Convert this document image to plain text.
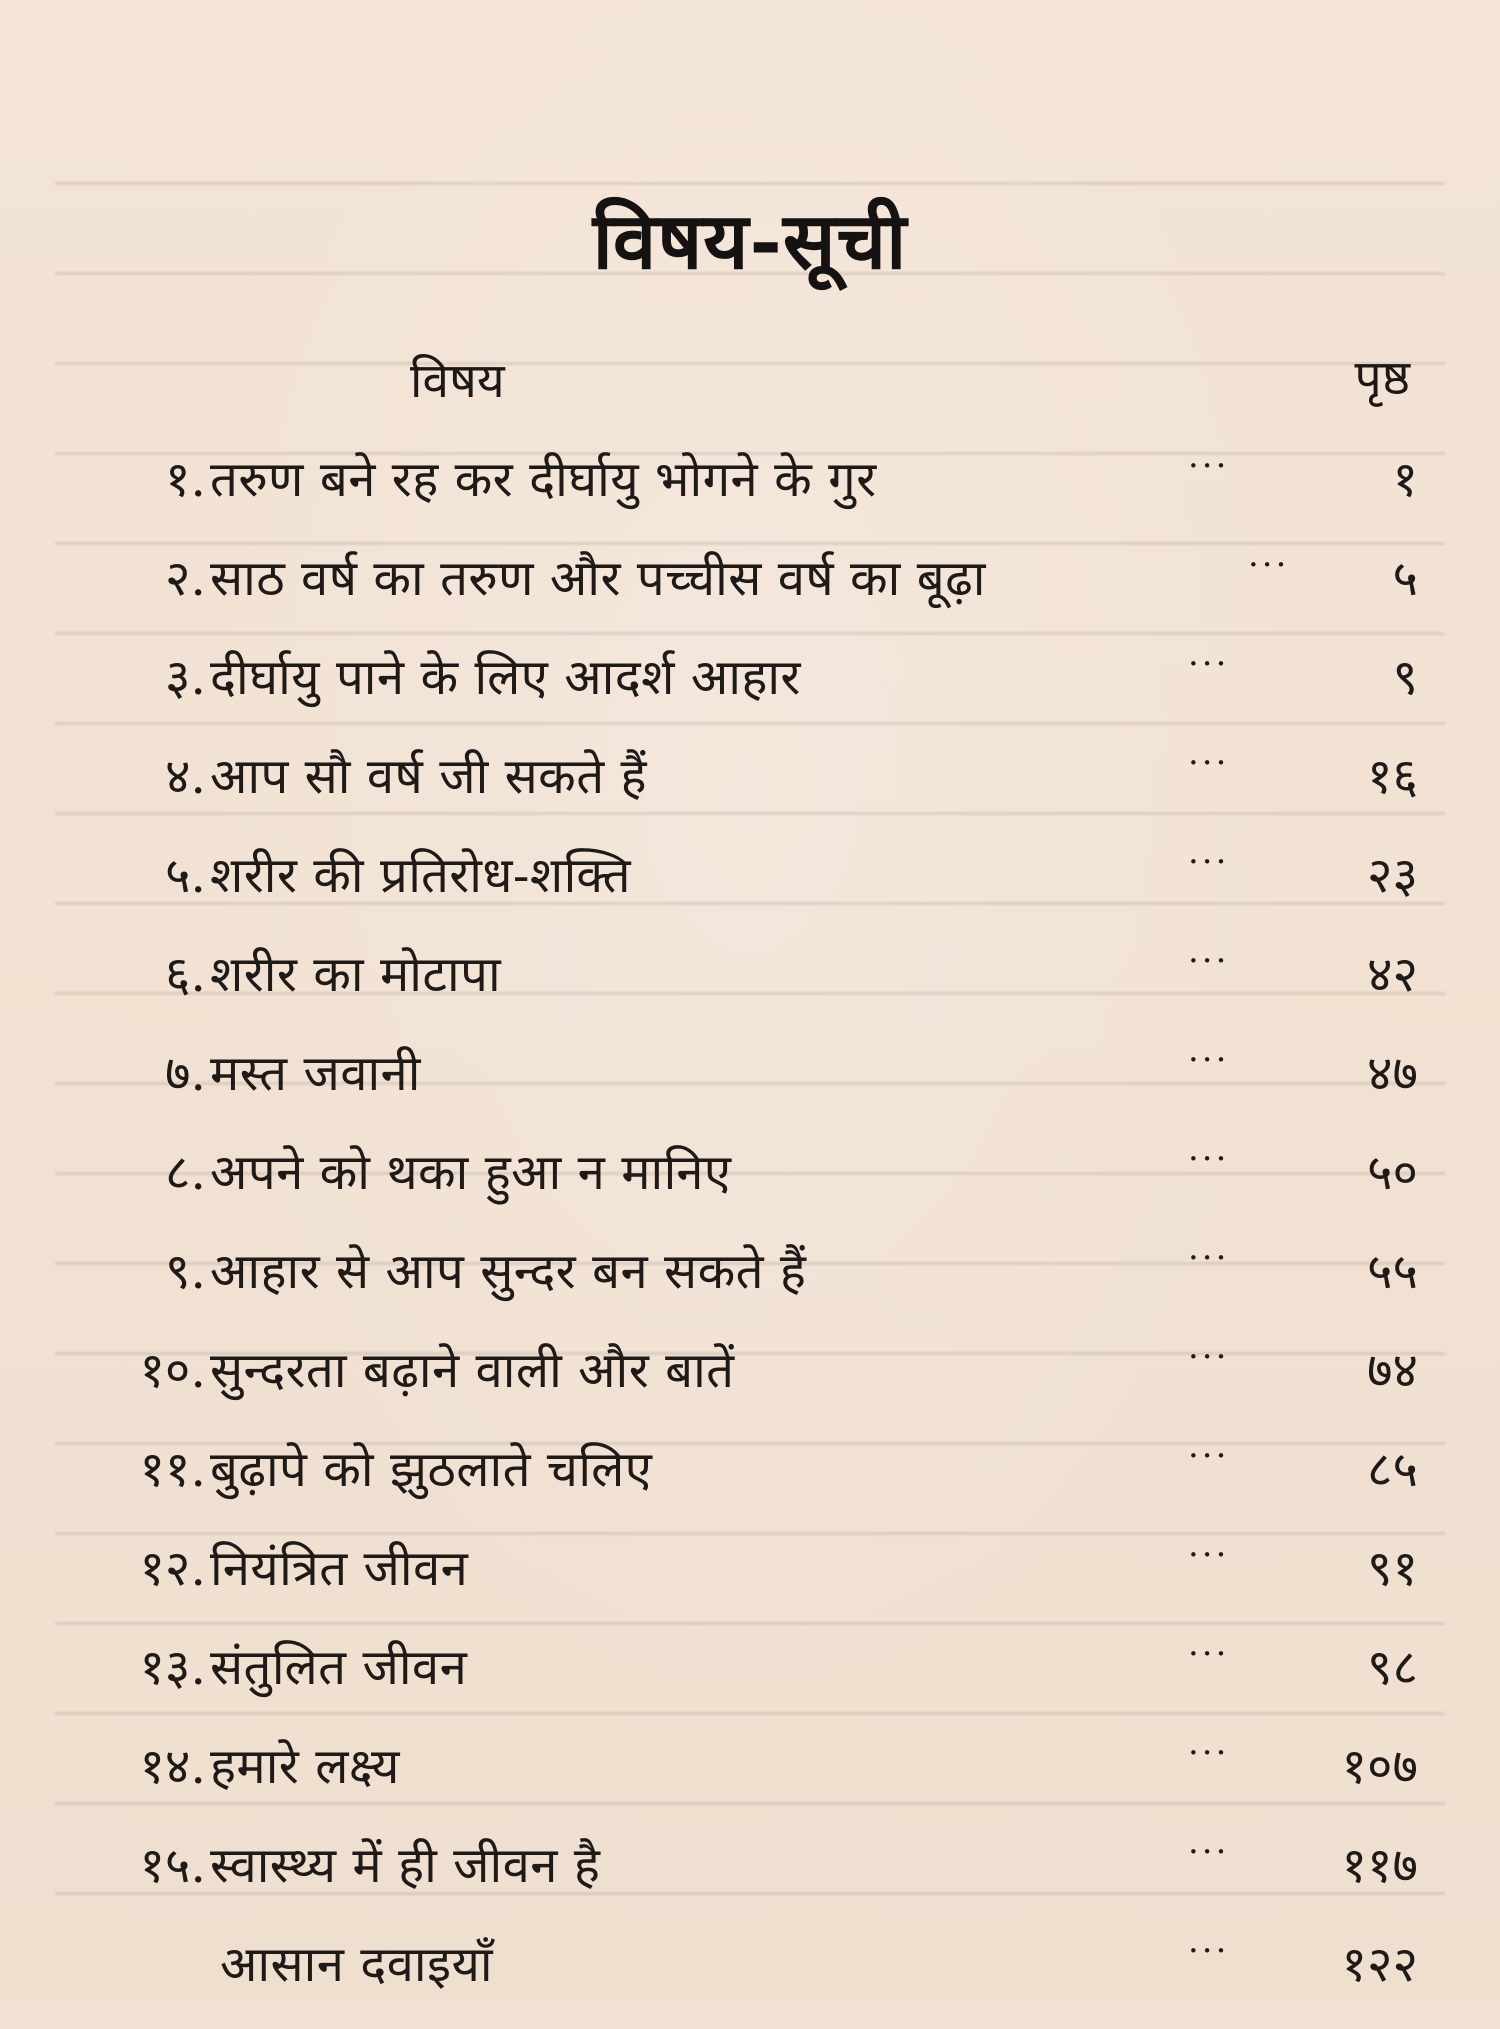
विषय-सूची
विषय	पृष्ठ
१. तरुण बने रह कर दीर्घायु भोगने के गुर	···	१
२. साठ वर्ष का तरुण और पच्चीस वर्ष का बूढ़ा	···	५
३. दीर्घायु पाने के लिए आदर्श आहार	···	९
४. आप सौ वर्ष जी सकते हैं	···	१६
५. शरीर की प्रतिरोध-शक्ति	···	२३
६. शरीर का मोटापा	···	४२
७. मस्त जवानी	···	४७
८. अपने को थका हुआ न मानिए	···	५०
९. आहार से आप सुन्दर बन सकते हैं	···	५५
१०. सुन्दरता बढ़ाने वाली और बातें	···	७४
११. बुढ़ापे को झुठलाते चलिए	···	८५
१२. नियंत्रित जीवन	···	९१
१३. संतुलित जीवन	···	९८
१४. हमारे लक्ष्य	···	१०७
१५. स्वास्थ्य में ही जीवन है	···	११७
आसान दवाइयाँ	···	१२२
